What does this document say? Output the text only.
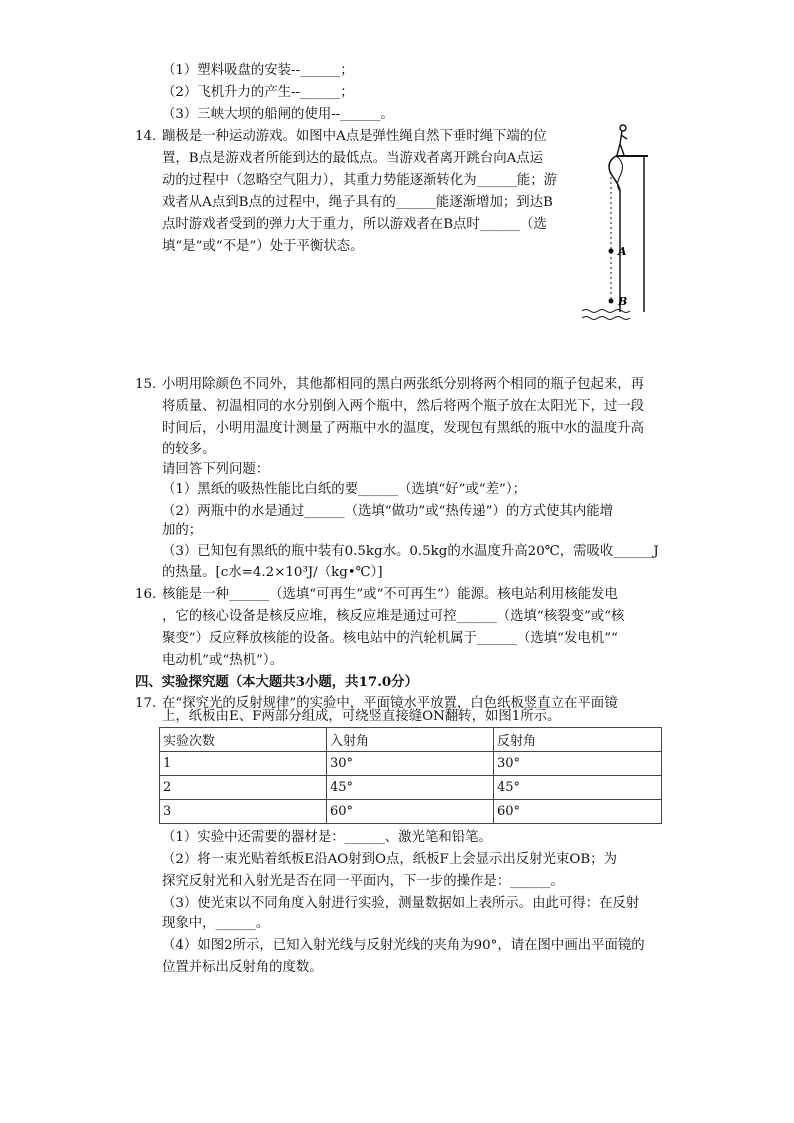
（1）塑料吸盘的安装--______；
（2）飞机升力的产生--______；
（3）三峡大坝的船闸的使用--______。
14. 蹦极是一种运动游戏。如图中A点是弹性绳自然下垂时绳下端的位
置，B点是游戏者所能到达的最低点。当游戏者离开跳台向A点运
动的过程中（忽略空气阻力），其重力势能逐渐转化为______能；游
戏者从A点到B点的过程中，绳子具有的______能逐渐增加；到达B
点时游戏者受到的弹力大于重力，所以游戏者在B点时______（选
填“是”或“不是”）处于平衡状态。	A
B
15. 小明用除颜色不同外，其他都相同的黑白两张纸分别将两个相同的瓶子包起来，再
将质量、初温相同的水分别倒入两个瓶中，然后将两个瓶子放在太阳光下，过一段
时间后，小明用温度计测量了两瓶中水的温度，发现包有黑纸的瓶中水的温度升高
的较多。
请回答下列问题：
（1）黑纸的吸热性能比白纸的要______（选填“好”或“差”）；
（2）两瓶中的水是通过______（选填“做功”或“热传递”）的方式使其内能增
加的；
（3）已知包有黑纸的瓶中装有0.5kg水。0.5kg的水温度升高20℃，需吸收______J
的热量。[c水=4.2×10³J/（kg•℃）]
16. 核能是一种______（选填“可再生”或“不可再生”）能源。核电站利用核能发电
，它的核心设备是核反应堆，核反应堆是通过可控______（选填“核裂变”或“核
聚变”）反应释放核能的设备。核电站中的汽轮机属于______（选填“发电机”“
电动机”或“热机”）。
四、实验探究题（本大题共3小题，共17.0分）
17. 在“探究光的反射规律”的实验中，平面镜水平放置，白色纸板竖直立在平面镜
上，纸板由E、F两部分组成，可绕竖直接缝ON翻转，如图1所示。
实验次数	入射角	反射角
1	30°	30°
2	45°	45°
3	60°	60°
（1）实验中还需要的器材是：______、激光笔和铅笔。
（2）将一束光贴着纸板E沿AO射到O点，纸板F上会显示出反射光束OB；为
探究反射光和入射光是否在同一平面内，下一步的操作是：______。
（3）使光束以不同角度入射进行实验，测量数据如上表所示。由此可得：在反射
现象中，______。
（4）如图2所示，已知入射光线与反射光线的夹角为90°，请在图中画出平面镜的
位置并标出反射角的度数。
